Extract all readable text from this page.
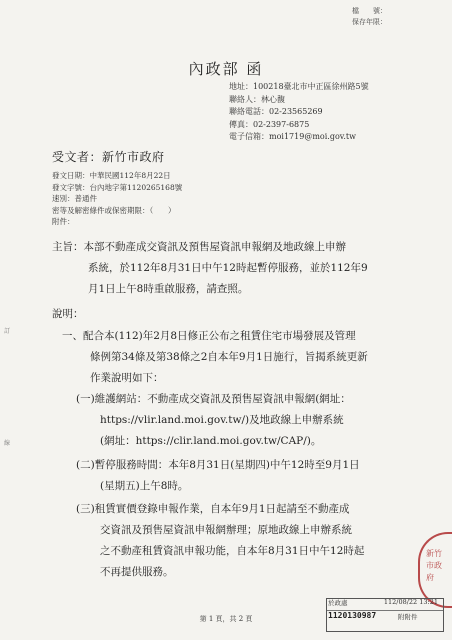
檔　　號：
保存年限：
內政部 函
地址：100218臺北市中正區徐州路5號
聯絡人：林心馥
聯絡電話：02-23565269
傳真：02-2397-6875
電子信箱：moi1719@moi.gov.tw
受文者：新竹市政府
發文日期：中華民國112年8月22日
發文字號：台內地字第1120265168號
速別：普通件
密等及解密條件或保密期限：（ ）
附件：
主旨：本部不動產成交資訊及預售屋資訊申報網及地政線上申辦
系統，於112年8月31日中午12時起暫停服務，並於112年9
月1日上午8時重啟服務，請查照。
說明：
一、配合本(112)年2月8日修正公布之租賃住宅市場發展及管理
條例第34條及第38條之2自本年9月1日施行，旨揭系統更新
作業說明如下：
(一)維護網站：不動產成交資訊及預售屋資訊申報網(網址：
https://vlir.land.moi.gov.tw/)及地政線上申辦系統
(網址：https://clir.land.moi.gov.tw/CAP/)。
(二)暫停服務時間：本年8月31日(星期四)中午12時至9月1日
(星期五)上午8時。
(三)租賃實價登錄申報作業，自本年9月1日起請至不動產成
交資訊及預售屋資訊申報網辦理；原地政線上申辦系統
之不動產租賃資訊申報功能，自本年8月31日中午12時起
不再提供服務。
訂
線
新竹市政府
於政處	112/08/22 13:21
1120130987	附附件
第 1 頁，共 2 頁
